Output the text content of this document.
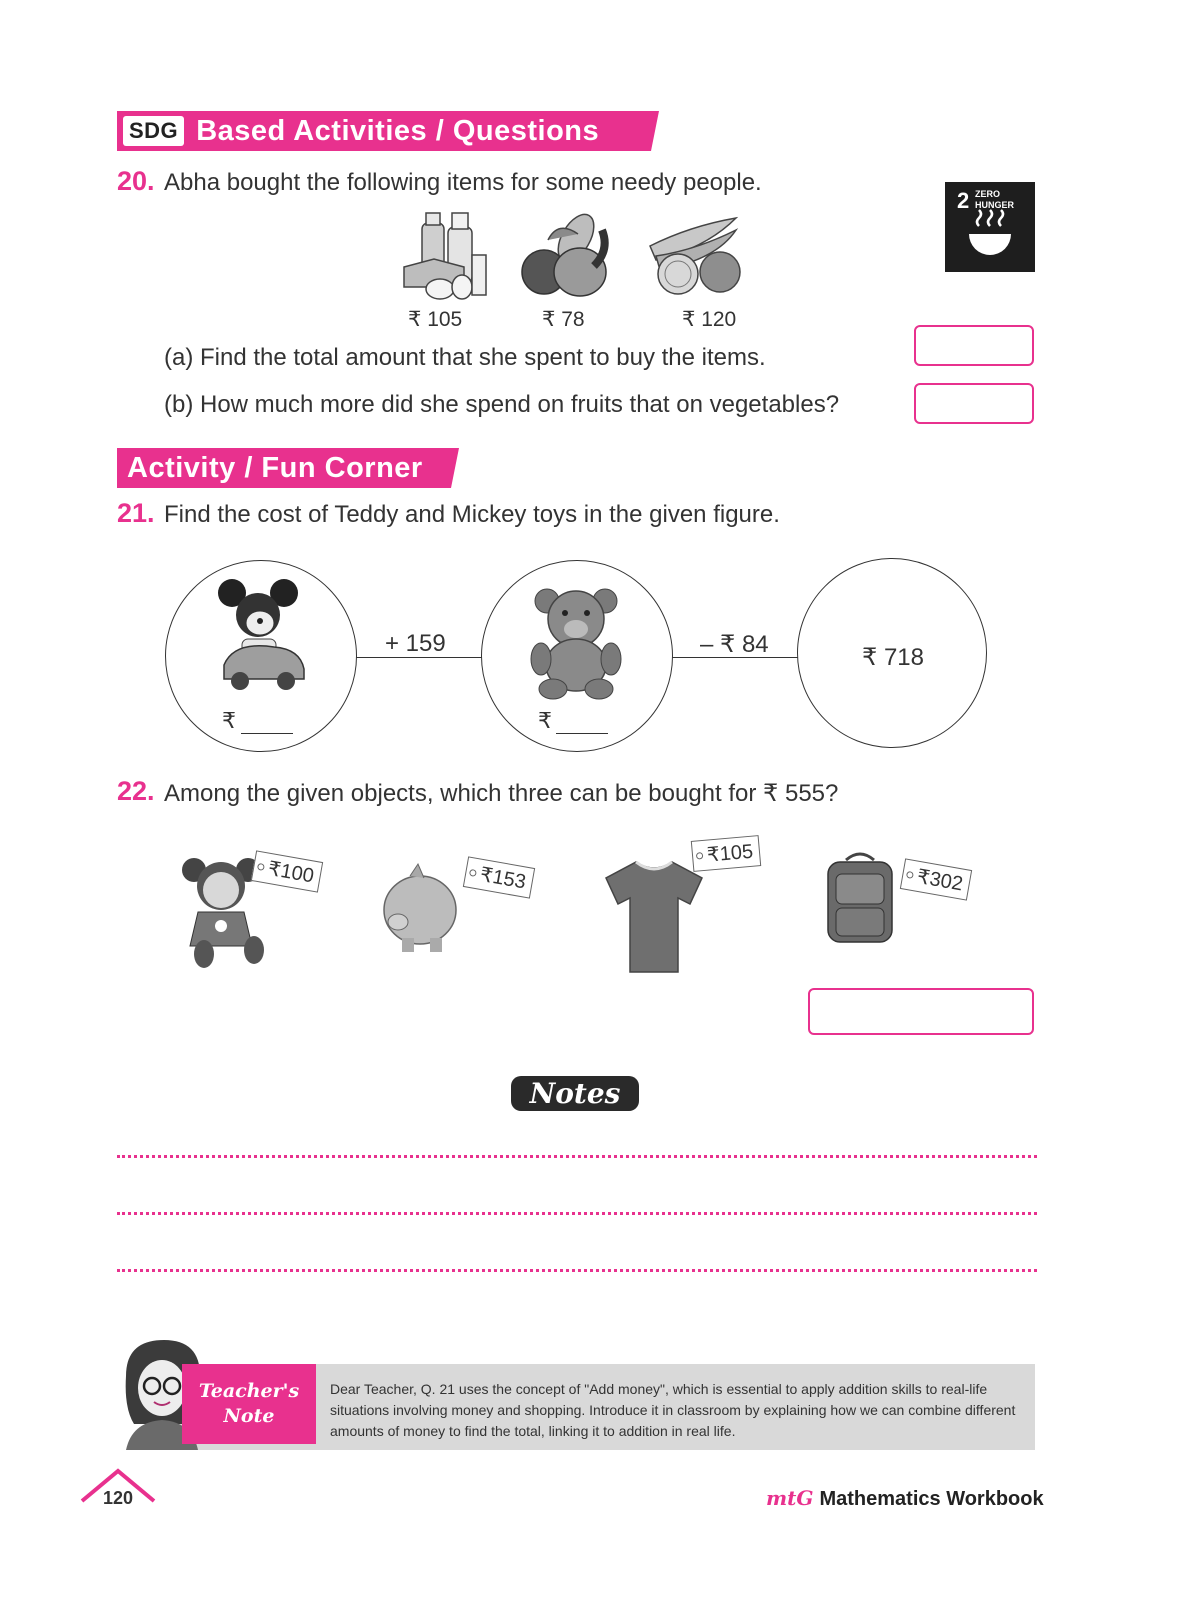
SDG Based Activities / Questions
2 ZERO
HUNGER
20. Abha bought the following items for some needy people.
₹ 105	₹ 78	₹ 120
(a) Find the total amount that she spent to buy the items.
(b) How much more did she spend on fruits that on vegetables?
Activity / Fun Corner
21. Find the cost of Teddy and Mickey toys in the given figure.
+ 159	– ₹ 84
₹	₹
₹ 718
22. Among the given objects, which three can be bought for ₹ 555?
₹100	₹153
₹105
₹302
Notes
Dear Teacher, Q. 21 uses the concept of "Add money", which is essential to apply addition skills to real-life situations involving money and shopping. Introduce it in classroom by explaining how we can combine different amounts of money to find the total, linking it to addition in real life.
Teacher's
Note
120	mtG Mathematics Workbook
